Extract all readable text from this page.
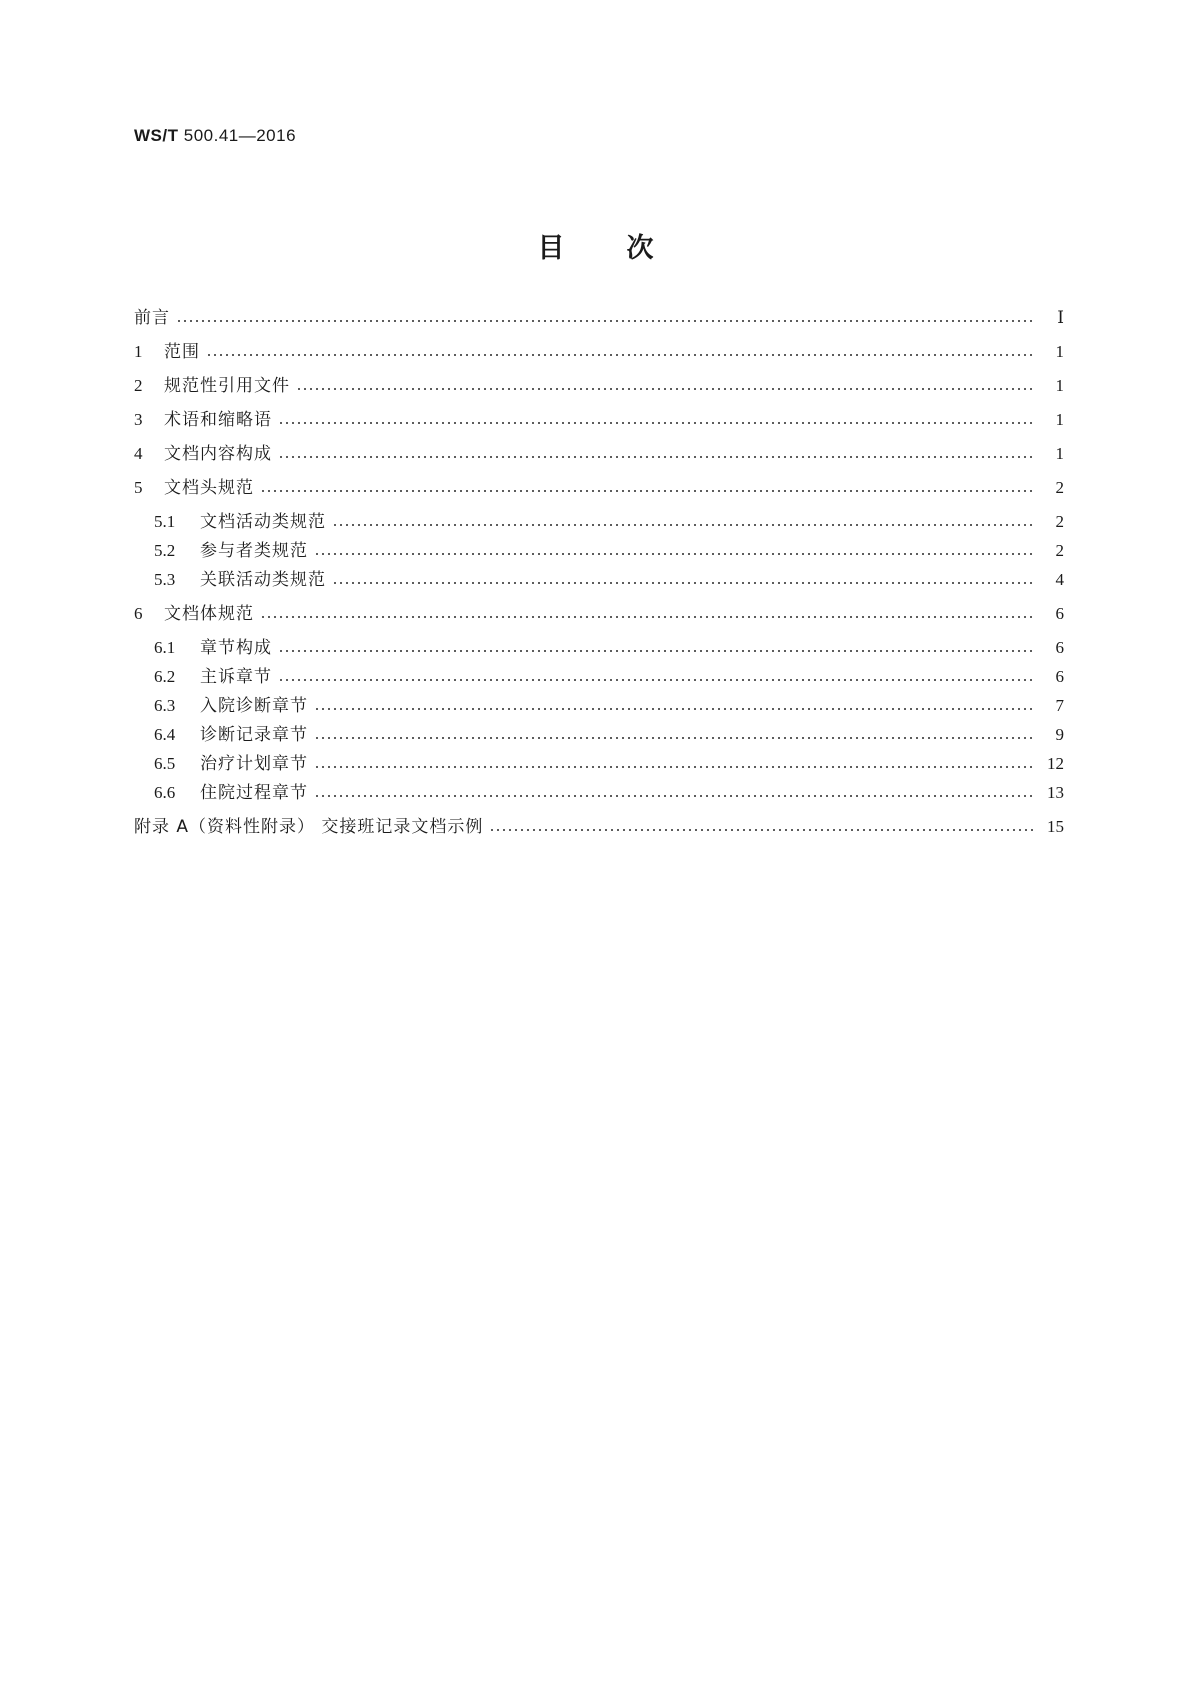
WS/T 500.41—2016
目 次
前言	Ⅰ
1	范围	1
2	规范性引用文件	1
3	术语和缩略语	1
4	文档内容构成	1
5	文档头规范	2
5.1	文档活动类规范	2
5.2	参与者类规范	2
5.3	关联活动类规范	4
6	文档体规范	6
6.1	章节构成	6
6.2	主诉章节	6
6.3	入院诊断章节	7
6.4	诊断记录章节	9
6.5	治疗计划章节	12
6.6	住院过程章节	13
附录 A（资料性附录） 交接班记录文档示例	15
